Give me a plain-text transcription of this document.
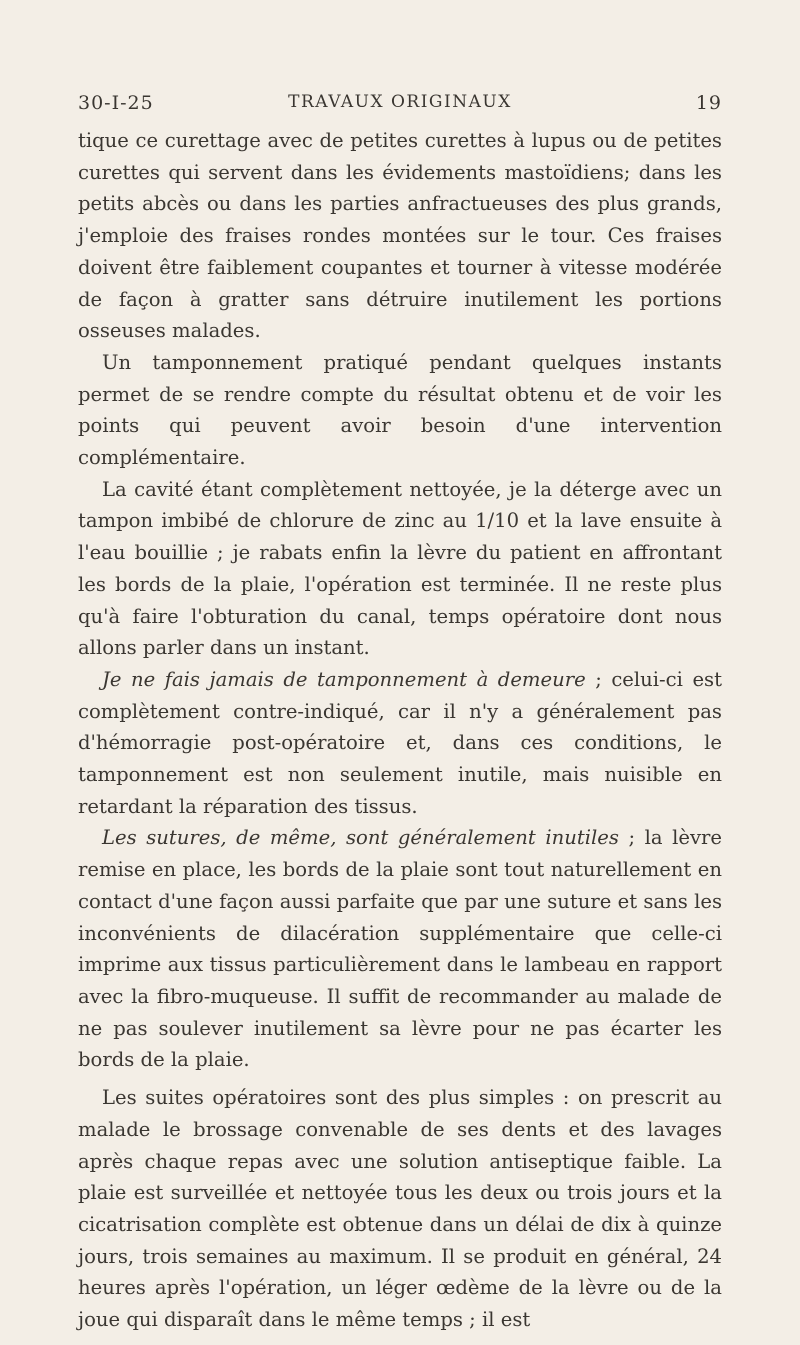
30-I-25	TRAVAUX ORIGINAUX	19

tique ce curettage avec de petites curettes à lupus ou de petites curettes qui servent dans les évidements mastoïdiens; dans les petits abcès ou dans les parties anfractueuses des plus grands, j'emploie des fraises rondes montées sur le tour. Ces fraises doivent être faiblement coupantes et tourner à vitesse modérée de façon à gratter sans détruire inutilement les portions osseuses malades.

Un tamponnement pratiqué pendant quelques instants permet de se rendre compte du résultat obtenu et de voir les points qui peuvent avoir besoin d'une intervention complémentaire.

La cavité étant complètement nettoyée, je la déterge avec un tampon imbibé de chlorure de zinc au 1/10 et la lave ensuite à l'eau bouillie ; je rabats enfin la lèvre du patient en affrontant les bords de la plaie, l'opération est terminée. Il ne reste plus qu'à faire l'obturation du canal, temps opératoire dont nous allons parler dans un instant.

Je ne fais jamais de tamponnement à demeure ; celui-ci est complètement contre-indiqué, car il n'y a généralement pas d'hémorragie post-opératoire et, dans ces conditions, le tamponnement est non seulement inutile, mais nuisible en retardant la réparation des tissus.

Les sutures, de même, sont généralement inutiles ; la lèvre remise en place, les bords de la plaie sont tout naturellement en contact d'une façon aussi parfaite que par une suture et sans les inconvénients de dilacération supplémentaire que celle-ci imprime aux tissus particulièrement dans le lambeau en rapport avec la fibro-muqueuse. Il suffit de recommander au malade de ne pas soulever inutilement sa lèvre pour ne pas écarter les bords de la plaie.

Les suites opératoires sont des plus simples : on prescrit au malade le brossage convenable de ses dents et des lavages après chaque repas avec une solution antiseptique faible. La plaie est surveillée et nettoyée tous les deux ou trois jours et la cicatrisation complète est obtenue dans un délai de dix à quinze jours, trois semaines au maximum. Il se produit en général, 24 heures après l'opération, un léger œdème de la lèvre ou de la joue qui disparaît dans le même temps ; il est
